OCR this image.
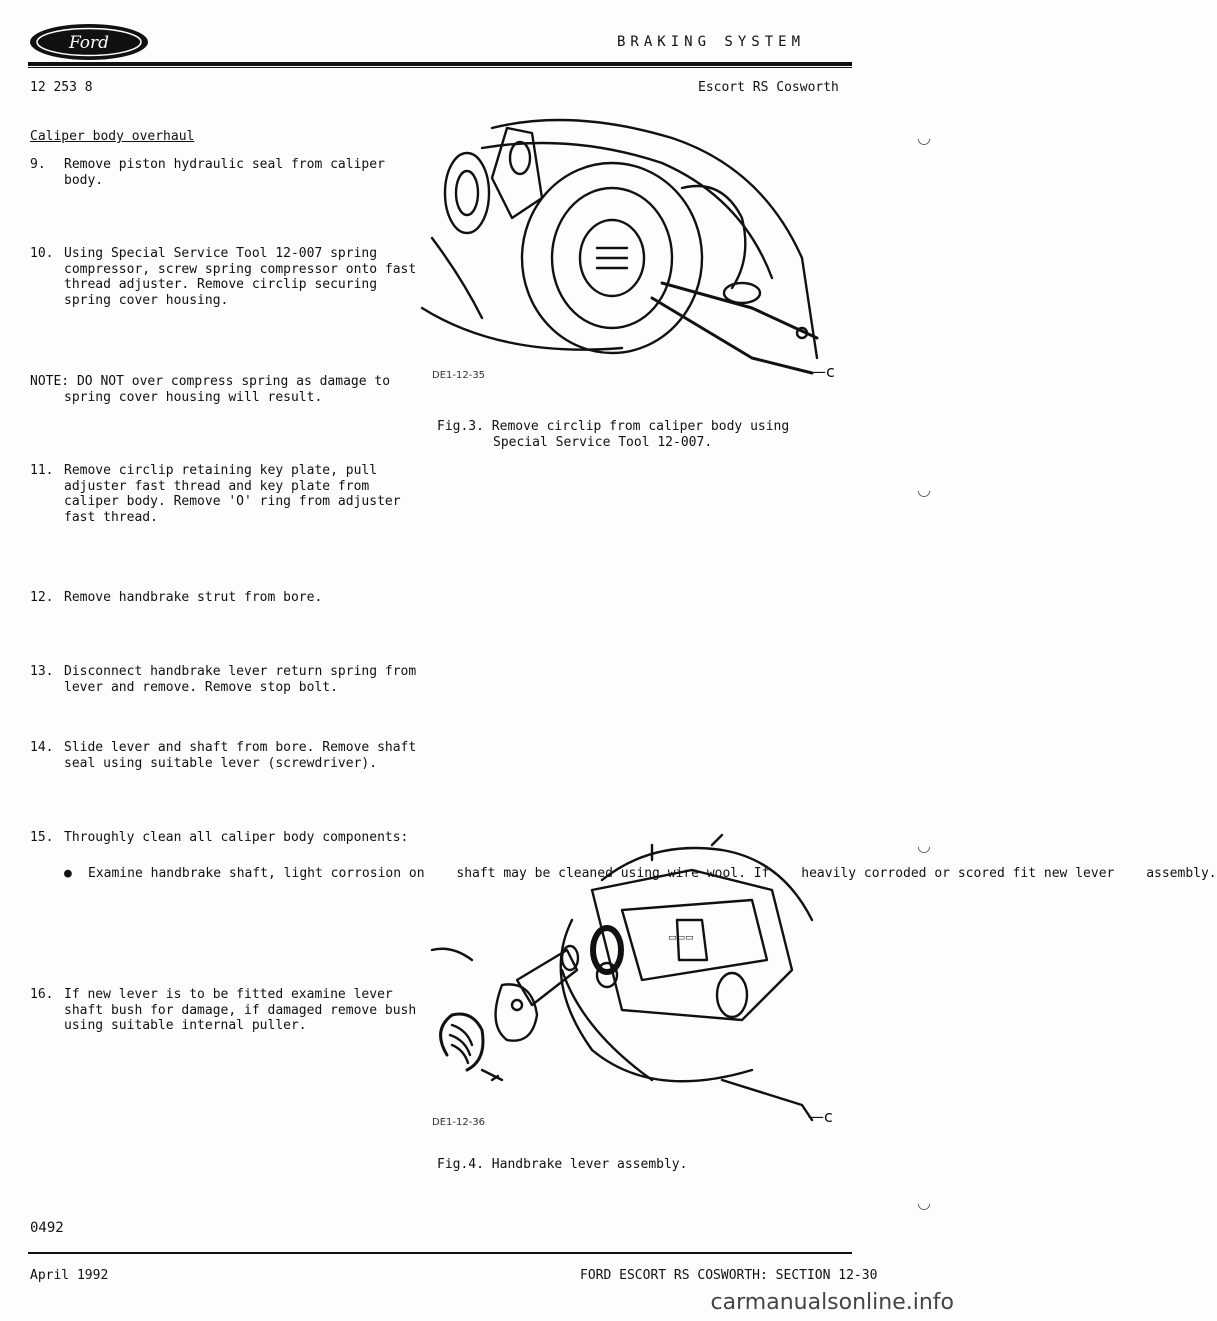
Ford	BRAKING SYSTEM
12 253 8	Escort RS Cosworth
Caliper body overhaul
9. Remove piston hydraulic seal from caliper
body.
10. Using Special Service Tool 12-007 spring
compressor, screw spring compressor onto fast
thread adjuster. Remove circlip securing
spring cover housing.
NOTE: DO NOT over compress spring as damage to
spring cover housing will result.
11. Remove circlip retaining key plate, pull
adjuster fast thread and key plate from
caliper body. Remove 'O' ring from adjuster
fast thread.
12. Remove handbrake strut from bore.
13. Disconnect handbrake lever return spring from
lever and remove. Remove stop bolt.
14. Slide lever and shaft from bore. Remove shaft
seal using suitable lever (screwdriver).
15. Throughly clean all caliper body components:
● Examine handbrake shaft, light corrosion on shaft may be cleaned using wire wool. If heavily corroded or scored fit new lever assembly.
16. If new lever is to be fitted examine lever
shaft bush for damage, if damaged remove bush
using suitable internal puller.
DE1-12-35	—c
Fig.3. Remove circlip from caliper body using
Special Service Tool 12-007.
▭▭▭
DE1-12-36	—c
Fig.4. Handbrake lever assembly.
◡
◡
◡
◡
0492
April 1992	FORD ESCORT RS COSWORTH: SECTION 12-30
carmanualsonline.info
